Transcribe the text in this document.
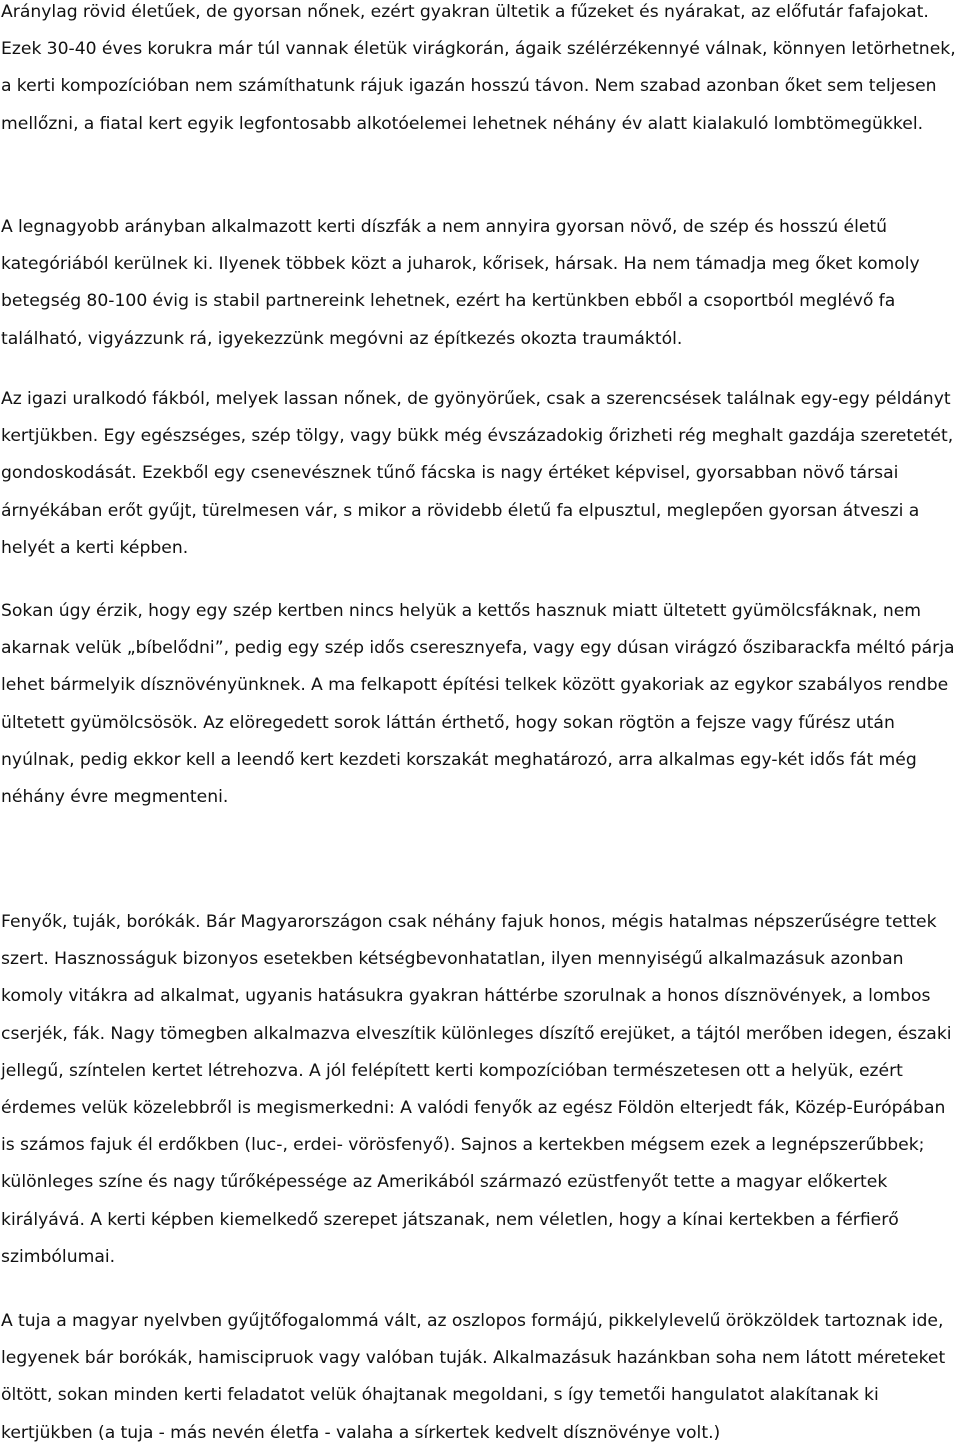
Aránylag rövid életűek, de gyorsan nőnek, ezért gyakran ültetik a fűzeket és nyárakat, az előfutár fafajokat. Ezek 30-40 éves korukra már túl vannak életük virágkorán, ágaik szélérzékennyé válnak, könnyen letörhetnek, a kerti kompozícióban nem számíthatunk rájuk igazán hosszú távon. Nem szabad azonban őket sem teljesen mellőzni, a fiatal kert egyik legfontosabb alkotóelemei lehetnek néhány év alatt kialakuló lombtömegükkel.

A legnagyobb arányban alkalmazott kerti díszfák a nem annyira gyorsan növő, de szép és hosszú életű kategóriából kerülnek ki. Ilyenek többek közt a juharok, kőrisek, hársak. Ha nem támadja meg őket komoly betegség 80-100 évig is stabil partnereink lehetnek, ezért ha kertünkben ebből a csoportból meglévő fa található, vigyázzunk rá, igyekezzünk megóvni az építkezés okozta traumáktól.

Az igazi uralkodó fákból, melyek lassan nőnek, de gyönyörűek, csak a szerencsések találnak egy-egy példányt kertjükben. Egy egészséges, szép tölgy, vagy bükk még évszázadokig őrizheti rég meghalt gazdája szeretetét, gondoskodását. Ezekből egy csenevésznek tűnő fácska is nagy értéket képvisel, gyorsabban növő társai árnyékában erőt gyűjt, türelmesen vár, s mikor a rövidebb életű fa elpusztul, meglepően gyorsan átveszi a helyét a kerti képben.

Sokan úgy érzik, hogy egy szép kertben nincs helyük a kettős hasznuk miatt ültetett gyümölcsfáknak, nem akarnak velük „bíbelődni”, pedig egy szép idős cseresznyefa, vagy egy dúsan virágzó őszibarackfa méltó párja lehet bármelyik dísznövényünknek. A ma felkapott építési telkek között gyakoriak az egykor szabályos rendbe ültetett gyümölcsösök. Az elöregedett sorok láttán érthető, hogy sokan rögtön a fejsze vagy fűrész után nyúlnak, pedig ekkor kell a leendő kert kezdeti korszakát meghatározó, arra alkalmas egy-két idős fát még néhány évre megmenteni.

Fenyők, tuják, borókák. Bár Magyarországon csak néhány fajuk honos, mégis hatalmas népszerűségre tettek szert. Hasznosságuk bizonyos esetekben kétségbevonhatatlan, ilyen mennyiségű alkalmazásuk azonban komoly vitákra ad alkalmat, ugyanis hatásukra gyakran háttérbe szorulnak a honos dísznövények, a lombos cserjék, fák. Nagy tömegben alkalmazva elveszítik különleges díszítő erejüket, a tájtól merőben idegen, északi jellegű, színtelen kertet létrehozva. A jól felépített kerti kompozícióban természetesen ott a helyük, ezért érdemes velük közelebbről is megismerkedni: A valódi fenyők az egész Földön elterjedt fák, Közép-Európában is számos fajuk él erdőkben (luc-, erdei- vörösfenyő). Sajnos a kertekben mégsem ezek a legnépszerűbbek; különleges színe és nagy tűrőképessége az Amerikából származó ezüstfenyőt tette a magyar előkertek királyává. A kerti képben kiemelkedő szerepet játszanak, nem véletlen, hogy a kínai kertekben a férfierő szimbólumai.

A tuja a magyar nyelvben gyűjtőfogalommá vált, az oszlopos formájú, pikkelylevelű örökzöldek tartoznak ide, legyenek bár borókák, hamiscipruok vagy valóban tuják. Alkalmazásuk hazánkban soha nem látott méreteket öltött, sokan minden kerti feladatot velük óhajtanak megoldani, s így temetői hangulatot alakítanak ki kertjükben (a tuja - más nevén életfa - valaha a sírkertek kedvelt dísznövénye volt.)
